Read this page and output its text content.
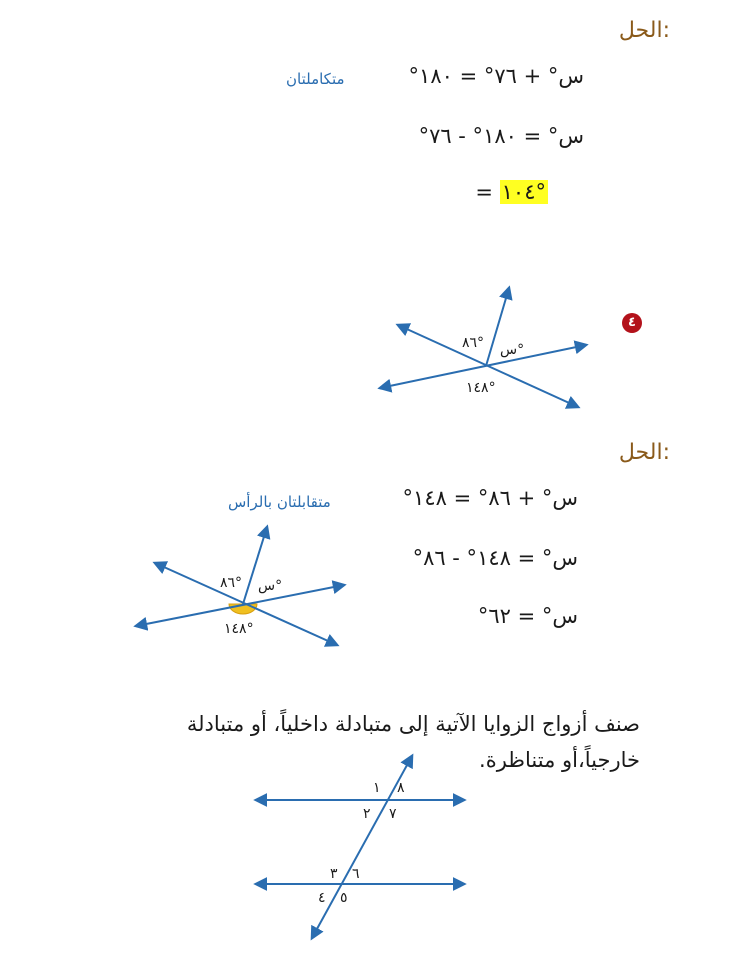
الحل:
س° + ٧٦° = ١٨٠°
متكاملتان
س° = ١٨٠° - ٧٦°
= ١٠٤°
٤
س°
٨٦°
١٤٨°
الحل:
س° + ٨٦° = ١٤٨°
متقابلتان بالرأس
س° = ١٤٨° - ٨٦°
س° = ٦٢°
س°
٨٦°
١٤٨°
صنف أزواج الزوايا الآتية إلى متبادلة داخلياً، أو متبادلة خارجياً،أو متناظرة.
١ ٨
٢ ٧
٣ ٦
٤ ٥
